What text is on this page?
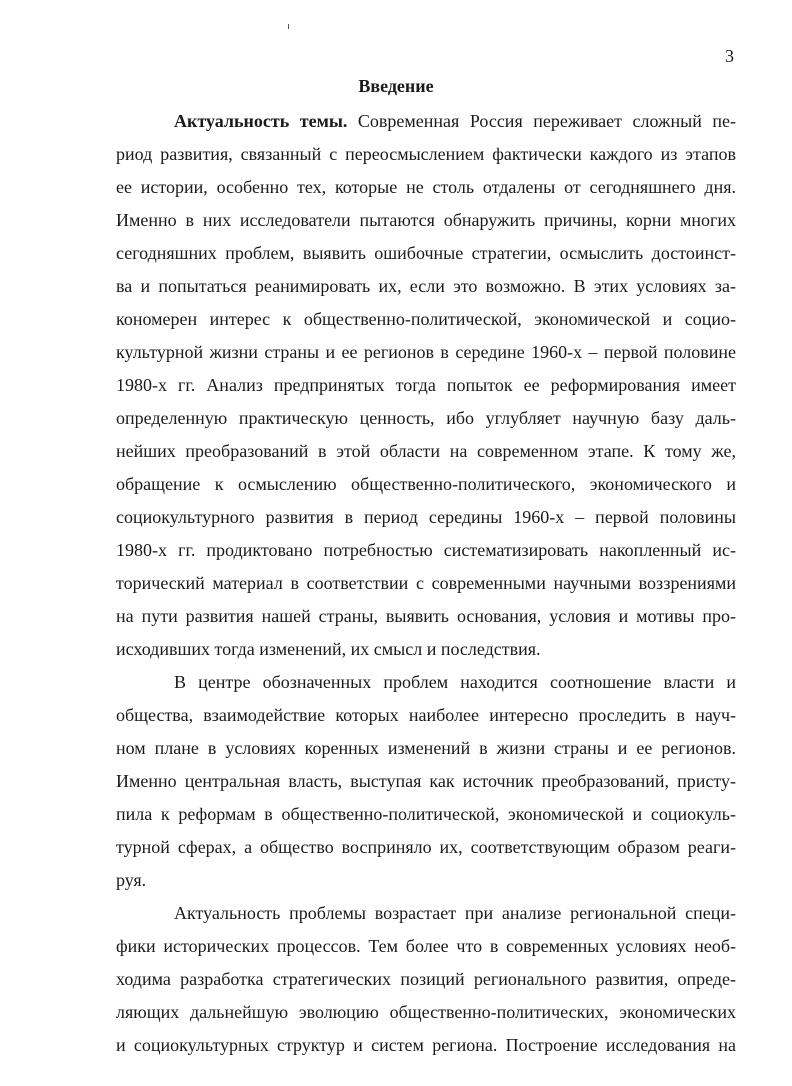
3
Введение
Актуальность темы. Современная Россия переживает сложный пе-
риод развития, связанный с переосмыслением фактически каждого из этапов
ее истории, особенно тех, которые не столь отдалены от сегодняшнего дня.
Именно в них исследователи пытаются обнаружить причины, корни многих
сегодняшних проблем, выявить ошибочные стратегии, осмыслить достоинст-
ва и попытаться реанимировать их, если это возможно. В этих условиях за-
кономерен интерес к общественно-политической, экономической и социо-
культурной жизни страны и ее регионов в середине 1960-х – первой половине
1980-х гг. Анализ предпринятых тогда попыток ее реформирования имеет
определенную практическую ценность, ибо углубляет научную базу даль-
нейших преобразований в этой области на современном этапе. К тому же,
обращение к осмыслению общественно-политического, экономического и
социокультурного развития в период середины 1960-х – первой половины
1980-х гг. продиктовано потребностью систематизировать накопленный ис-
торический материал в соответствии с современными научными воззрениями
на пути развития нашей страны, выявить основания, условия и мотивы про-
исходивших тогда изменений, их смысл и последствия.
В центре обозначенных проблем находится соотношение власти и
общества, взаимодействие которых наиболее интересно проследить в науч-
ном плане в условиях коренных изменений в жизни страны и ее регионов.
Именно центральная власть, выступая как источник преобразований, присту-
пила к реформам в общественно-политической, экономической и социокуль-
турной сферах, а общество восприняло их, соответствующим образом реаги-
руя.
Актуальность проблемы возрастает при анализе региональной специ-
фики исторических процессов. Тем более что в современных условиях необ-
ходима разработка стратегических позиций регионального развития, опреде-
ляющих дальнейшую эволюцию общественно-политических, экономических
и социокультурных структур и систем региона. Построение исследования на
